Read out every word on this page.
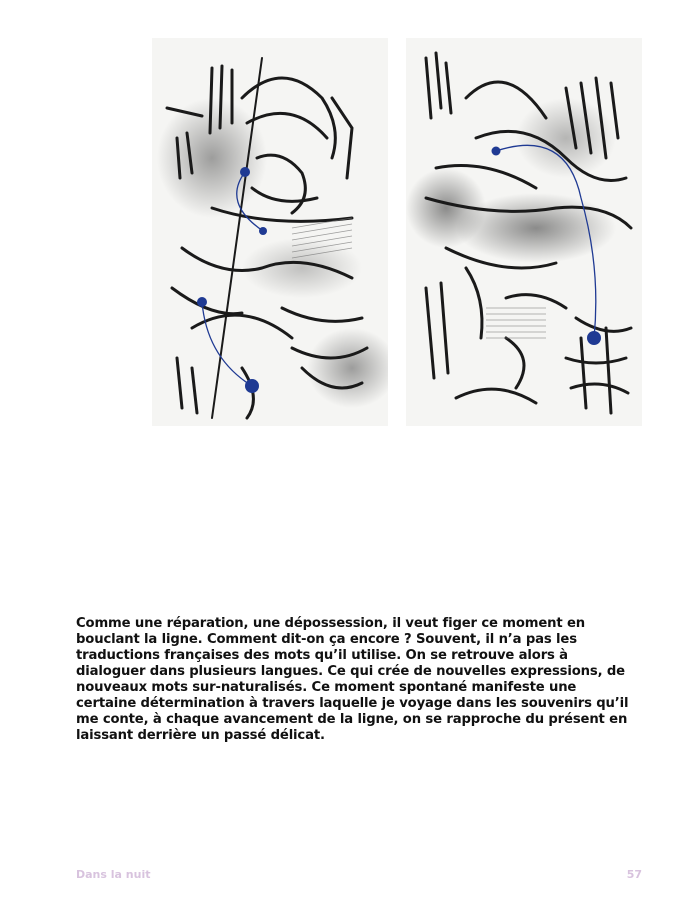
Comme une réparation, une dépossession, il veut figer ce moment en bouclant la ligne. Comment dit-on ça encore ? Souvent, il n’a pas les traductions françaises des mots qu’il utilise. On se retrouve alors à dialoguer dans plusieurs langues. Ce qui crée de nouvelles expressions, de nouveaux mots sur-naturalisés. Ce moment spontané manifeste une certaine détermination à travers laquelle je voyage dans les souvenirs qu’il me conte, à chaque avancement de la ligne, on se rapproche du présent en laissant derrière un passé délicat.

Dans la nuit	57
